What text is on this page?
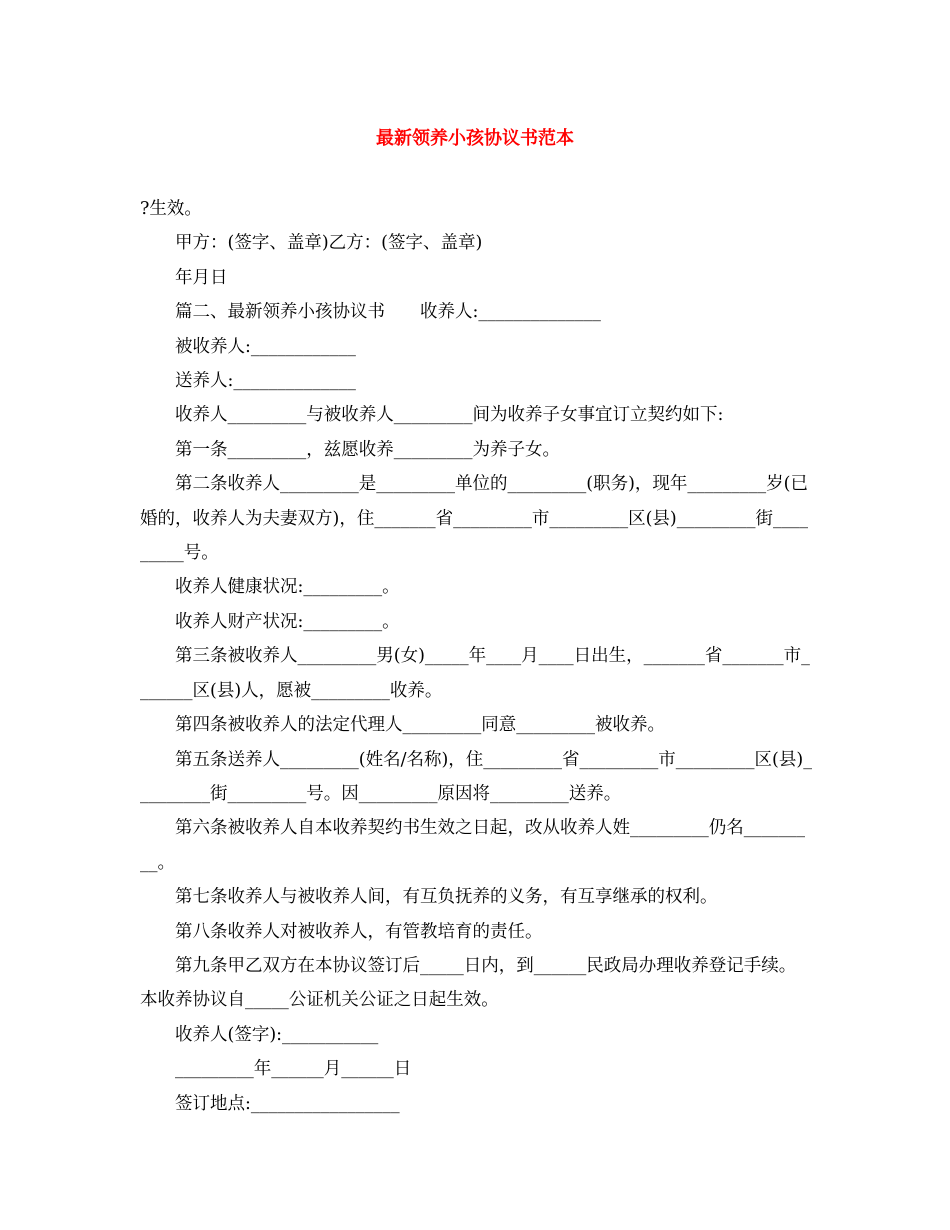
最新领养小孩协议书范本

?生效。

甲方：(签字、盖章)乙方：(签字、盖章)

年月日

篇二、最新领养小孩协议书　　收养人:______________

被收养人:____________

送养人:______________

收养人_________与被收养人_________间为收养子女事宜订立契约如下:

第一条_________，兹愿收养_________为养子女。

第二条收养人_________是_________单位的_________(职务)，现年_________岁(已婚的，收养人为夫妻双方)，住_______省_________市_________区(县)_________街_________号。

收养人健康状况:_________。

收养人财产状况:_________。

第三条被收养人_________男(女)_____年____月____日出生，_______省_______市_______区(县)人，愿被_________收养。

第四条被收养人的法定代理人_________同意_________被收养。

第五条送养人_________(姓名/名称)，住_________省_________市_________区(县)_________街_________号。因_________原因将_________送养。

第六条被收养人自本收养契约书生效之日起，改从收养人姓_________仍名_________。

第七条收养人与被收养人间，有互负抚养的义务，有互享继承的权利。

第八条收养人对被收养人，有管教培育的责任。

第九条甲乙双方在本协议签订后_____日内，到______民政局办理收养登记手续。本收养协议自_____公证机关公证之日起生效。

收养人(签字):___________

_________年______月______日

签订地点:_________________
